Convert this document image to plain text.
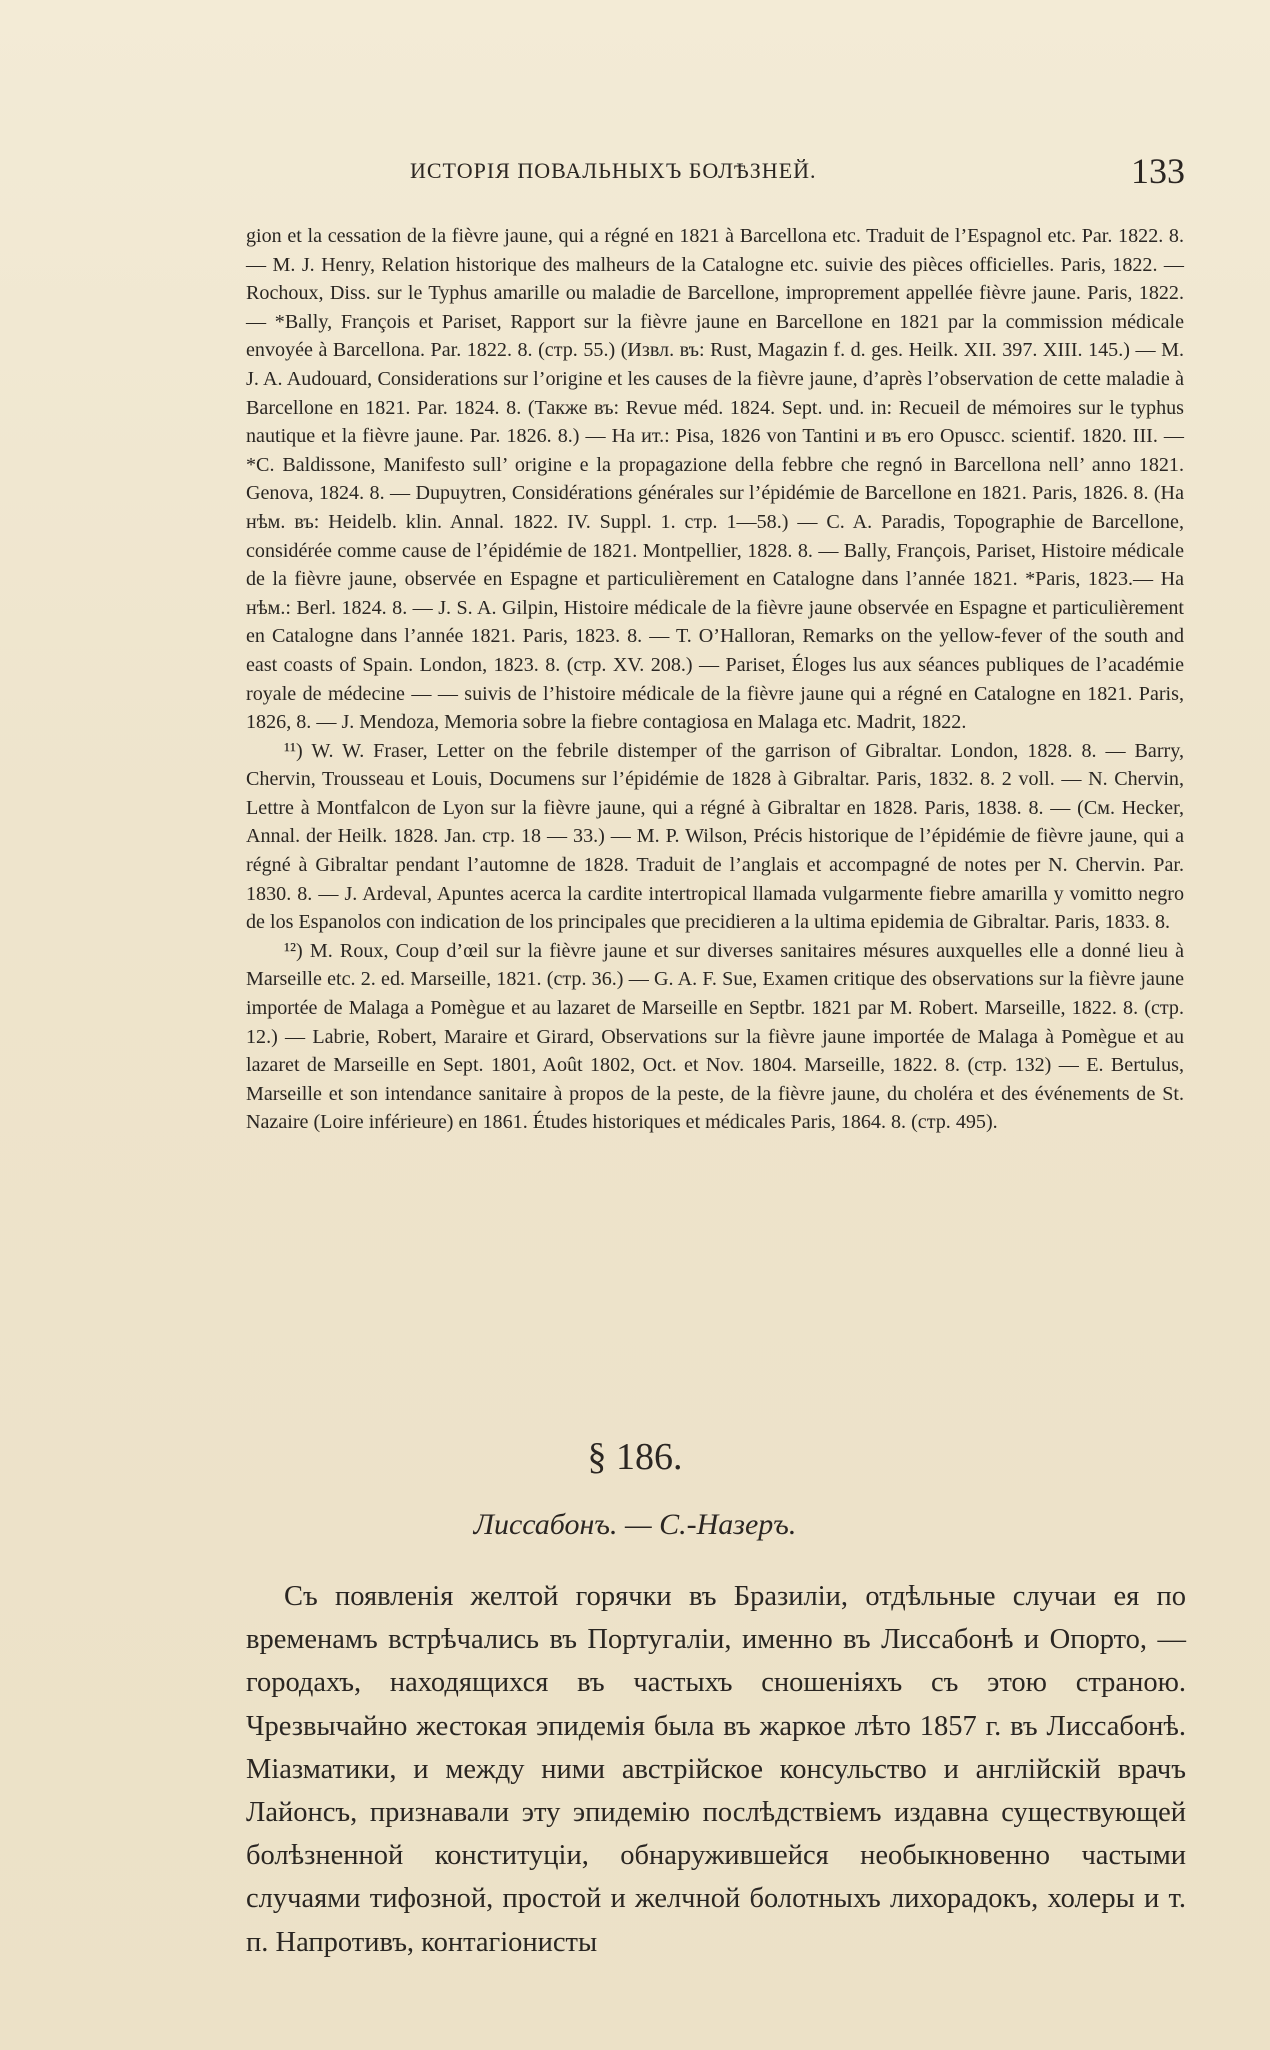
ИСТОРІЯ ПОВАЛЬНЫХЪ БОЛѢЗНЕЙ.	133

gion et la cessation de la fièvre jaune, qui a régné en 1821 à Barcellona etc. Traduit de l’Espagnol etc. Par. 1822. 8. — M. J. Henry, Relation historique des malheurs de la Catalogne etc. suivie des pièces officielles. Paris, 1822. — Rochoux, Diss. sur le Typhus amarille ou maladie de Barcellone, improprement appellée fièvre jaune. Paris, 1822. — *Bally, François et Pariset, Rapport sur la fièvre jaune en Barcellone en 1821 par la commission médicale envoyée à Barcellona. Par. 1822. 8. (стр. 55.) (Извл. въ: Rust, Magazin f. d. ges. Heilk. XII. 397. XIII. 145.) — M. J. A. Audouard, Considerations sur l’origine et les causes de la fièvre jaune, d’après l’observation de cette maladie à Barcellone en 1821. Par. 1824. 8. (Также въ: Revue méd. 1824. Sept. und. in: Recueil de mémoires sur le typhus nautique et la fièvre jaune. Par. 1826. 8.) — На ит.: Pisa, 1826 von Tantini и въ его Opuscc. scientif. 1820. III. — *C. Baldissone, Manifesto sull’ origine e la propagazione della febbre che regnó in Barcellona nell’ anno 1821. Genova, 1824. 8. — Dupuytren, Considérations générales sur l’épidémie de Barcellone en 1821. Paris, 1826. 8. (На нѣм. въ: Heidelb. klin. Annal. 1822. IV. Suppl. 1. стр. 1—58.) — C. A. Paradis, Topographie de Barcellone, considérée comme cause de l’épidémie de 1821. Montpellier, 1828. 8. — Bally, François, Pariset, Histoire médicale de la fièvre jaune, observée en Espagne et particulièrement en Catalogne dans l’année 1821. *Paris, 1823.— На нѣм.: Berl. 1824. 8. — J. S. A. Gilpin, Histoire médicale de la fièvre jaune observée en Espagne et particulièrement en Catalogne dans l’année 1821. Paris, 1823. 8. — T. O’Halloran, Remarks on the yellow-fever of the south and east coasts of Spain. London, 1823. 8. (стр. XV. 208.) — Pariset, Éloges lus aux séances publiques de l’académie royale de médecine — — suivis de l’histoire médicale de la fièvre jaune qui a régné en Catalogne en 1821. Paris, 1826, 8. — J. Mendoza, Memoria sobre la fiebre contagiosa en Malaga etc. Madrit, 1822.

¹¹) W. W. Fraser, Letter on the febrile distemper of the garrison of Gibraltar. London, 1828. 8. — Barry, Chervin, Trousseau et Louis, Documens sur l’épidémie de 1828 à Gibraltar. Paris, 1832. 8. 2 voll. — N. Chervin, Lettre à Montfalcon de Lyon sur la fièvre jaune, qui a régné à Gibraltar en 1828. Paris, 1838. 8. — (См. Hecker, Annal. der Heilk. 1828. Jan. стр. 18 — 33.) — M. P. Wilson, Précis historique de l’épidémie de fièvre jaune, qui a régné à Gibraltar pendant l’automne de 1828. Traduit de l’anglais et accompagné de notes per N. Chervin. Par. 1830. 8. — J. Ardeval, Apuntes acerca la cardite intertropical llamada vulgarmente fiebre amarilla y vomitto negro de los Espanolos con indication de los principales que precidieren a la ultima epidemia de Gibraltar. Paris, 1833. 8.

¹²) M. Roux, Coup d’œil sur la fièvre jaune et sur diverses sanitaires mésures auxquelles elle a donné lieu à Marseille etc. 2. ed. Marseille, 1821. (стр. 36.) — G. A. F. Sue, Examen critique des observations sur la fièvre jaune importée de Malaga a Pomègue et au lazaret de Marseille en Septbr. 1821 par M. Robert. Marseille, 1822. 8. (стр. 12.) — Labrie, Robert, Maraire et Girard, Observations sur la fièvre jaune importée de Malaga à Pomègue et au lazaret de Marseille en Sept. 1801, Août 1802, Oct. et Nov. 1804. Marseille, 1822. 8. (стр. 132) — E. Bertulus, Marseille et son intendance sanitaire à propos de la peste, de la fièvre jaune, du choléra et des événements de St. Nazaire (Loire inférieure) en 1861. Études historiques et médicales Paris, 1864. 8. (стр. 495).

§ 186.
Лиссабонъ. — С.-Назеръ.

Съ появленія желтой горячки въ Бразиліи, отдѣльные случаи ея по временамъ встрѣчались въ Португаліи, именно въ Лиссабонѣ и Опорто, — городахъ, находящихся въ частыхъ сношеніяхъ съ этою страною. Чрезвычайно жестокая эпидемія была въ жаркое лѣто 1857 г. въ Лиссабонѣ. Міазматики, и между ними австрійское консульство и англійскій врачъ Лайонсъ, признавали эту эпидемію послѣдствіемъ издавна существующей болѣзненной конституціи, обнаружившейся необыкновенно частыми случаями тифозной, простой и желчной болотныхъ лихорадокъ, холеры и т. п. Напротивъ, контагіонисты
